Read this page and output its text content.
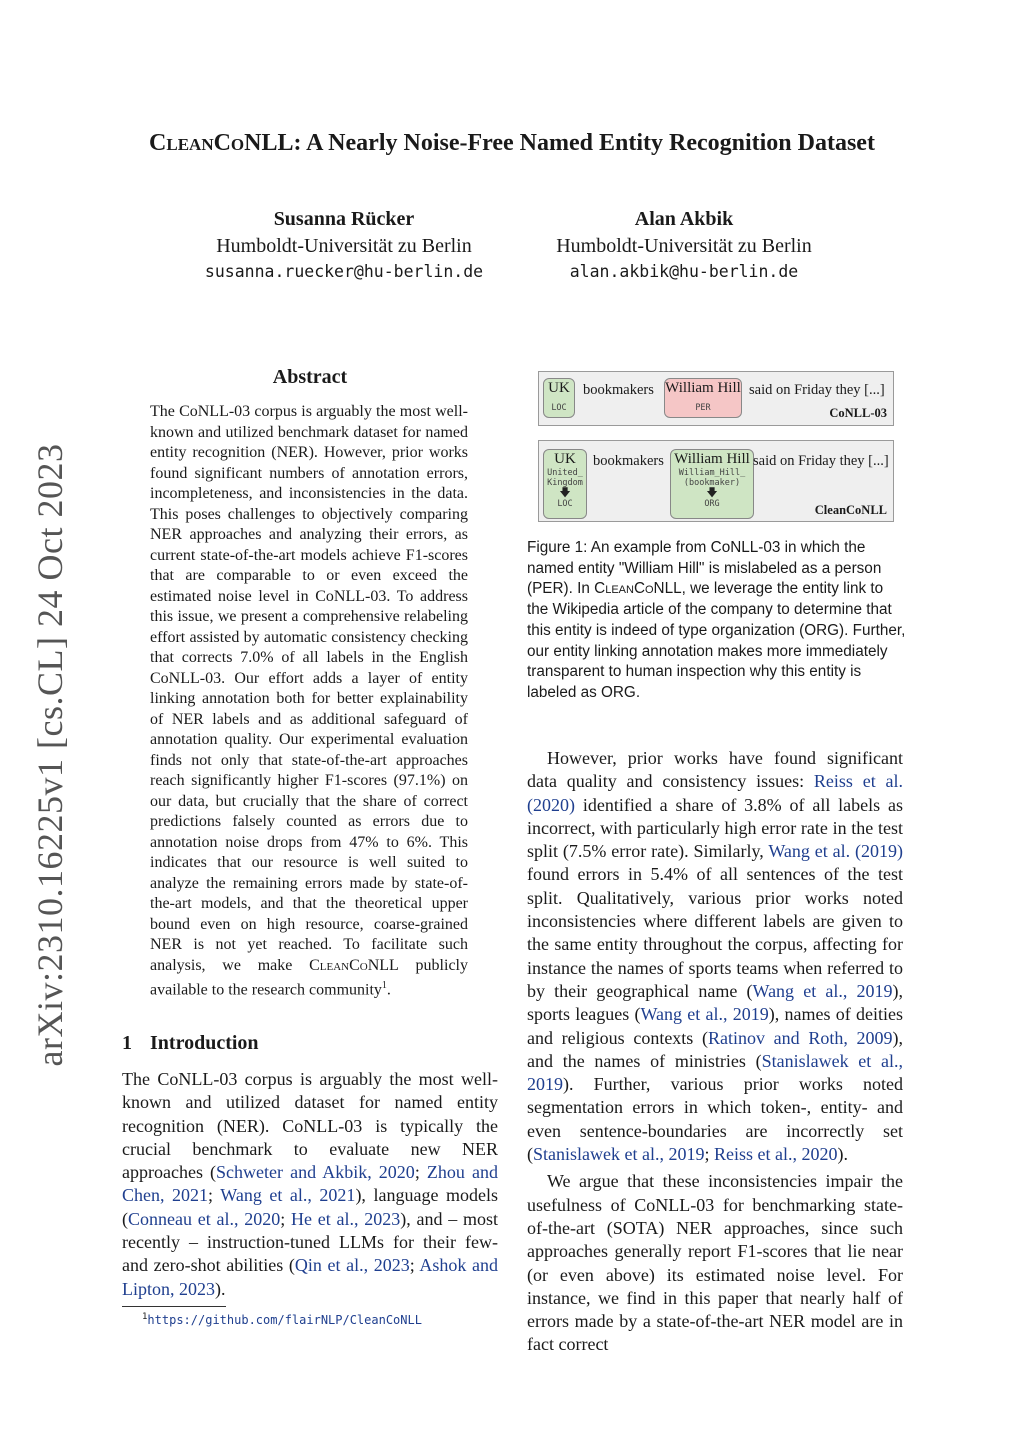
arXiv:2310.16225v1 [cs.CL] 24 Oct 2023
CleanCoNLL: A Nearly Noise-Free Named Entity Recognition Dataset
Susanna Rücker
Humboldt-Universität zu Berlin
susanna.ruecker@hu-berlin.de
Alan Akbik
Humboldt-Universität zu Berlin
alan.akbik@hu-berlin.de
Abstract
The CoNLL-03 corpus is arguably the most well-known and utilized benchmark dataset for named entity recognition (NER). However, prior works found significant numbers of annotation errors, incompleteness, and inconsistencies in the data. This poses challenges to objectively comparing NER approaches and analyzing their errors, as current state-of-the-art models achieve F1-scores that are comparable to or even exceed the estimated noise level in CoNLL-03. To address this issue, we present a comprehensive relabeling effort assisted by automatic consistency checking that corrects 7.0% of all labels in the English CoNLL-03. Our effort adds a layer of entity linking annotation both for better explainability of NER labels and as additional safeguard of annotation quality. Our experimental evaluation finds not only that state-of-the-art approaches reach significantly higher F1-scores (97.1%) on our data, but crucially that the share of correct predictions falsely counted as errors due to annotation noise drops from 47% to 6%. This indicates that our resource is well suited to analyze the remaining errors made by state-of-the-art models, and that the theoretical upper bound even on high resource, coarse-grained NER is not yet reached. To facilitate such analysis, we make CleanCoNLL publicly available to the research community$^1$.
1 Introduction
The CoNLL-03 corpus is arguably the most well-known and utilized dataset for named entity recognition (NER). CoNLL-03 is typically the crucial benchmark to evaluate new NER approaches (Schweter and Akbik, 2020; Zhou and Chen, 2021; Wang et al., 2021), language models (Conneau et al., 2020; He et al., 2023), and – most recently – instruction-tuned LLMs for their few- and zero-shot abilities (Qin et al., 2023; Ashok and Lipton, 2023).
$^1$https://github.com/flairNLP/CleanCoNLL
UK
LOC
bookmakers William Hill
PER
said on Friday they [...]
CoNLL-03
UK
United_
Kingdom
🡇
LOC
bookmakers William Hill
William_Hill_
(bookmaker)
🡇
ORG
said on Friday they [...]
CleanCoNLL
Figure 1: An example from CoNLL-03 in which the named entity "William Hill" is mislabeled as a person (PER). In CleanCoNLL, we leverage the entity link to the Wikipedia article of the company to determine that this entity is indeed of type organization (ORG). Further, our entity linking annotation makes more immediately transparent to human inspection why this entity is labeled as ORG.

However, prior works have found significant data quality and consistency issues: Reiss et al. (2020) identified a share of 3.8% of all labels as incorrect, with particularly high error rate in the test split (7.5% error rate). Similarly, Wang et al. (2019) found errors in 5.4% of all sentences of the test split. Qualitatively, various prior works noted inconsistencies where different labels are given to the same entity throughout the corpus, affecting for instance the names of sports teams when referred to by their geographical name (Wang et al., 2019), sports leagues (Wang et al., 2019), names of deities and religious contexts (Ratinov and Roth, 2009), and the names of ministries (Stanislawek et al., 2019). Further, various prior works noted segmentation errors in which token-, entity- and even sentence-boundaries are incorrectly set (Stanislawek et al., 2019; Reiss et al., 2020).

We argue that these inconsistencies impair the usefulness of CoNLL-03 for benchmarking state-of-the-art (SOTA) NER approaches, since such approaches generally report F1-scores that lie near (or even above) its estimated noise level. For instance, we find in this paper that nearly half of errors made by a state-of-the-art NER model are in fact correct
